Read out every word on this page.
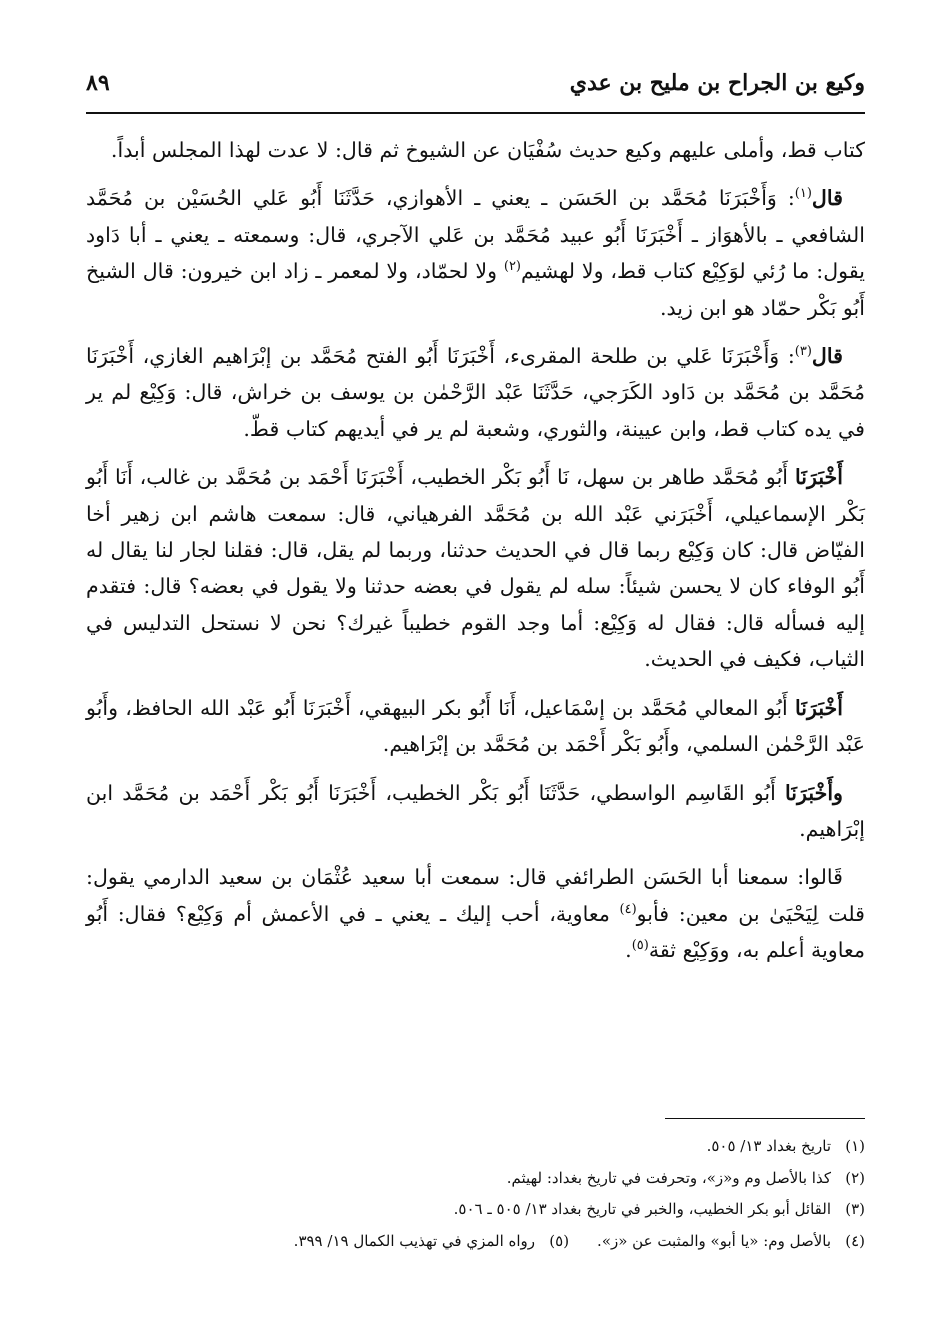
وكيع بن الجراح بن مليح بن عدي
٨٩

كتاب قط، وأملى عليهم وكيع حديث سُفْيَان عن الشيوخ ثم قال: لا عدت لهذا المجلس أبداً.

قال$^{(١)}$: وَأَخْبَرَنَا مُحَمَّد بن الحَسَن ـ يعني ـ الأهوازي، حَدَّثَنَا أَبُو عَلي الحُسَيْن بن مُحَمَّد الشافعي ـ بالأهوَاز ـ أَخْبَرَنَا أَبُو عبيد مُحَمَّد بن عَلي الآجري، قال: وسمعته ـ يعني ـ أبا دَاود يقول: ما رُئي لوَكِيْع كتاب قط، ولا لهشيم$^{(٢)}$ ولا لحمّاد، ولا لمعمر ـ زاد ابن خيرون: قال الشيخ أَبُو بَكْر حمّاد هو ابن زيد.

قال$^{(٣)}$: وَأَخْبَرَنَا عَلي بن طلحة المقرىء، أَخْبَرَنَا أَبُو الفتح مُحَمَّد بن إبْرَاهيم الغازي، أَخْبَرَنَا مُحَمَّد بن مُحَمَّد بن دَاود الكَرَجي، حَدَّثَنَا عَبْد الرَّحْمٰن بن يوسف بن خراش، قال: وَكِيْع لم ير في يده كتاب قط، وابن عيينة، والثوري، وشعبة لم ير في أيديهم كتاب قطّ.

أَخْبَرَنَا أَبُو مُحَمَّد طاهر بن سهل، نَا أَبُو بَكْر الخطيب، أَخْبَرَنَا أَحْمَد بن مُحَمَّد بن غالب، أَنَا أَبُو بَكْر الإسماعيلي، أَخْبَرَني عَبْد الله بن مُحَمَّد الفرهياني، قال: سمعت هاشم ابن زهير أخا الفيّاض قال: كان وَكِيْع ربما قال في الحديث حدثنا، وربما لم يقل، قال: فقلنا لجار لنا يقال له أَبُو الوفاء كان لا يحسن شيئاً: سله لم يقول في بعضه حدثنا ولا يقول في بعضه؟ قال: فتقدم إليه فسأله قال: فقال له وَكِيْع: أما وجد القوم خطيباً غيرك؟ نحن لا نستحل التدليس في الثياب، فكيف في الحديث.

أَخْبَرَنَا أَبُو المعالي مُحَمَّد بن إسْمَاعيل، أَنَا أَبُو بكر البيهقي، أَخْبَرَنَا أَبُو عَبْد الله الحافظ، وأَبُو عَبْد الرَّحْمٰن السلمي، وأَبُو بَكْر أَحْمَد بن مُحَمَّد بن إبْرَاهيم.

وأَخْبَرَنَا أَبُو القَاسِم الواسطي، حَدَّثَنَا أَبُو بَكْر الخطيب، أَخْبَرَنَا أَبُو بَكْر أَحْمَد بن مُحَمَّد ابن إبْرَاهيم.

قَالوا: سمعنا أبا الحَسَن الطرائفي قال: سمعت أبا سعيد عُثْمَان بن سعيد الدارمي يقول: قلت لِيَحْيَىٰ بن معين: فأبو$^{(٤)}$ معاوية، أحب إليك ـ يعني ـ في الأعمش أم وَكِيْع؟ فقال: أَبُو معاوية أعلم به، ووَكِيْع ثقة$^{(٥)}$.

(١)تاريخ بغداد ١٣/ ٥٠٥.

(٢)كذا بالأصل وم و«ز»، وتحرفت في تاريخ بغداد: لهيثم.

(٣)القائل أبو بكر الخطيب، والخبر في تاريخ بغداد ١٣/ ٥٠٥ ـ ٥٠٦.

(٤)بالأصل وم: «يا أبو» والمثبت عن «ز».(٥)رواه المزي في تهذيب الكمال ١٩/ ٣٩٩.
